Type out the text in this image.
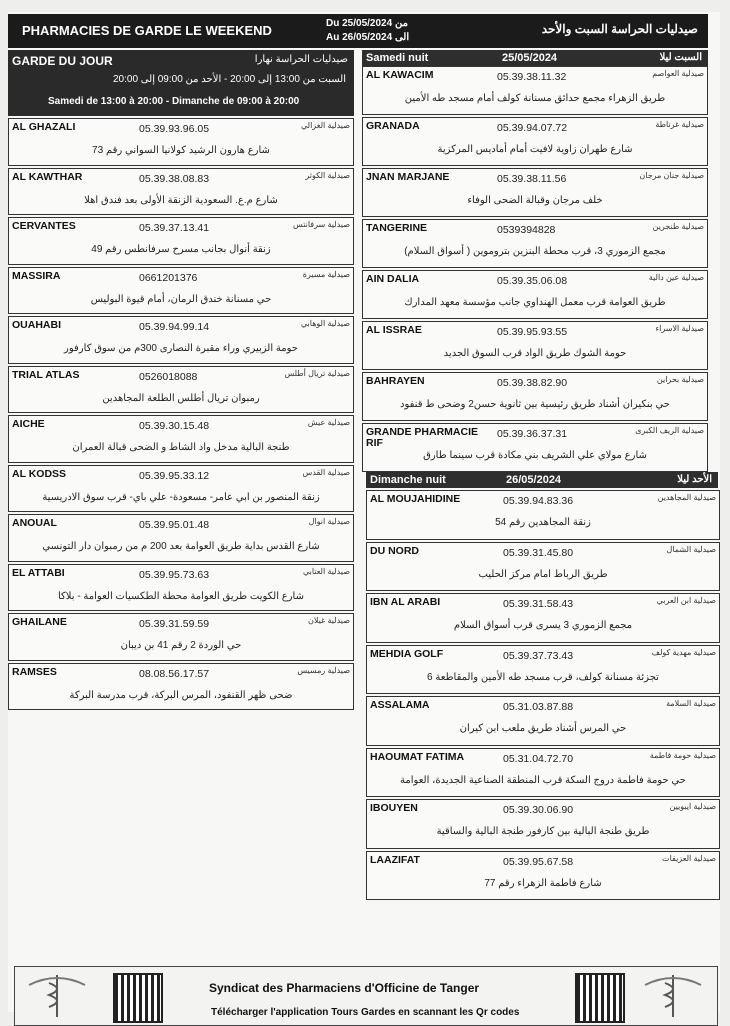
PHARMACIES DE GARDE LE WEEKEND	Du 25/05/2024 من
Au 26/05/2024 الى
صيدليات الحراسة السبت والأحد
GARDE DU JOUR	صيدليات الحراسة نهارا
السبت من 13:00 إلى 20:00 - الأحد من 09:00 إلى 20:00
Samedi de 13:00 à 20:00 - Dimanche de 09:00 à 20:00
Samedi nuit	25/05/2024	السبت ليلا
Dimanche nuit	26/05/2024	الأحد ليلا
AL GHAZALI	05.39.93.96.05	صيدلية الغزالي
شارع هارون الرشيد كولانيا السواني رقم 73
AL KAWTHAR	05.39.38.08.83	صيدلية الكوثر
شارع م.ع. السعودية الزنقة الأولى بعد فندق اهلا
CERVANTES	05.39.37.13.41	صيدلية سرفانتس
زنقة أنوال بجانب مسرح سرفانطس رقم 49
MASSIRA	0661201376	صيدلية مسيرة
حي مسنانة خندق الرمان، أمام قيوة البوليس
OUAHABI	05.39.94.99.14	صيدلية الوهابي
حومة الزبيري وراء مقبرة النصارى 300م من سوق كارفور
TRIAL ATLAS	0526018088	صيدلية تريال أطلس
رمبوان تريال أطلس الطلعة المجاهدين
AICHE	05.39.30.15.48	صيدلية عيش
طنجة البالية مدخل واد الشاط و الضحى قبالة العمران
AL KODSS	05.39.95.33.12	صيدلية القدس
زنقة المنصور بن ابي عامر- مسعودة- علي باي- قرب سوق الادريسية
ANOUAL	05.39.95.01.48	صيدلية انوال
شارع القدس بداية طريق العوامة بعد 200 م من رمبوان دار التونسي
EL ATTABI	05.39.95.73.63	صيدلية العتابي
شارع الكويت طريق العوامة محطة الطكسيات العوامة - بلاكا
GHAILANE	05.39.31.59.59	صيدلية غيلان
حي الوردة 2 رقم 41 بن ديبان
RAMSES	08.08.56.17.57	صيدلية رمسيس
ضحى ظهر القنفود، المرس البركة، قرب مدرسة البركة
AL KAWACIM	05.39.38.11.32	صيدلية العواصم
طريق الزهراء مجمع حدائق مسنانة كولف أمام مسجد طه الأمين
GRANADA	05.39.94.07.72	صيدلية غرناطة
شارع طهران زاوية لافيت أمام أماديس المركزية
JNAN MARJANE	05.39.38.11.56	صيدلية جنان مرجان
خلف مرجان وقبالة الضحى الوفاء
TANGERINE	0539394828	صيدلية طنجرين
مجمع الزموري 3، قرب محطة البنزين بتروموين ( أسواق السلام)
AIN DALIA	05.39.35.06.08	صيدلية عين دالية
طريق العوامة قرب معمل الهنداوي جانب مؤسسة معهد المدارك
AL ISSRAE	05.39.95.93.55	صيدلية الاسراء
حومة الشوك طريق الواد قرب السوق الجديد
BAHRAYEN	05.39.38.82.90	صيدلية بحراين
حي بنكيران أشناد طريق رئيسية بين ثانوية حسن2 وضحى ط قنفود
GRANDE PHARMACIE RIF
05.39.36.37.31	صيدلية الريف الكبرى
شارع مولاي علي الشريف بني مكادة قرب سينما طارق
AL MOUJAHIDINE	05.39.94.83.36	صيدلية المجاهدين
زنقة المجاهدين رقم 54
DU NORD	05.39.31.45.80	صيدلية الشمال
طريق الرباط امام مركز الحليب
IBN AL ARABI	05.39.31.58.43	صيدلية ابن العربي
مجمع الزموري 3 يسرى قرب أسواق السلام
MEHDIA GOLF	05.39.37.73.43	صيدلية مهدية كولف
تجزئة مسنانة كولف، قرب مسجد طه الأمين والمقاطعة 6
ASSALAMA	05.31.03.87.88	صيدلية السلامة
حي المرس أشناد طريق ملعب ابن كيران
HAOUMAT FATIMA	05.31.04.72.70	صيدلية حومة فاطمة
حي حومة فاطمة دروج السكة قرب المنطقة الصناعية الجديدة، العوامة
IBOUYEN	05.39.30.06.90	صيدلية ايبويين
طريق طنجة البالية بين كارفور طنجة البالية والساقية
LAAZIFAT	05.39.95.67.58	صيدلية العزيفات
شارع فاطمة الزهراء رقم 77
Syndicat des Pharmaciens d'Officine de Tanger
Télécharger l'application Tours Gardes en scannant les Qr codes
